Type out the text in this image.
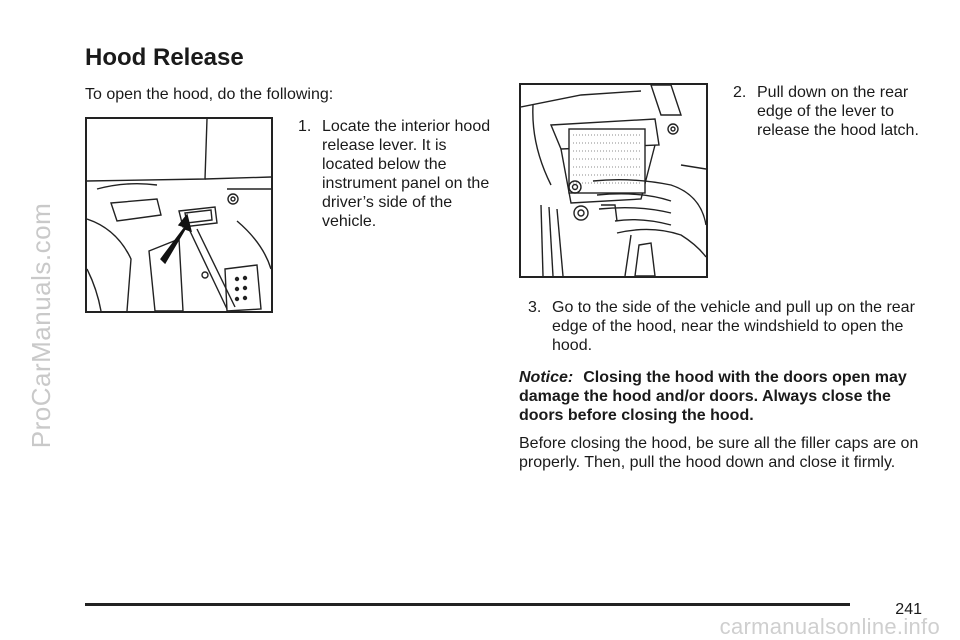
ProCarManuals.com
Hood Release
To open the hood, do the following:
1. Locate the interior hood release lever. It is located below the instrument panel on the driver’s side of the vehicle.
2. Pull down on the rear edge of the lever to release the hood latch.
3. Go to the side of the vehicle and pull up on the rear edge of the hood, near the windshield to open the hood.
Notice: Closing the hood with the doors open may damage the hood and/or doors. Always close the doors before closing the hood.
Before closing the hood, be sure all the filler caps are on properly. Then, pull the hood down and close it firmly.
241
carmanualsonline.info
